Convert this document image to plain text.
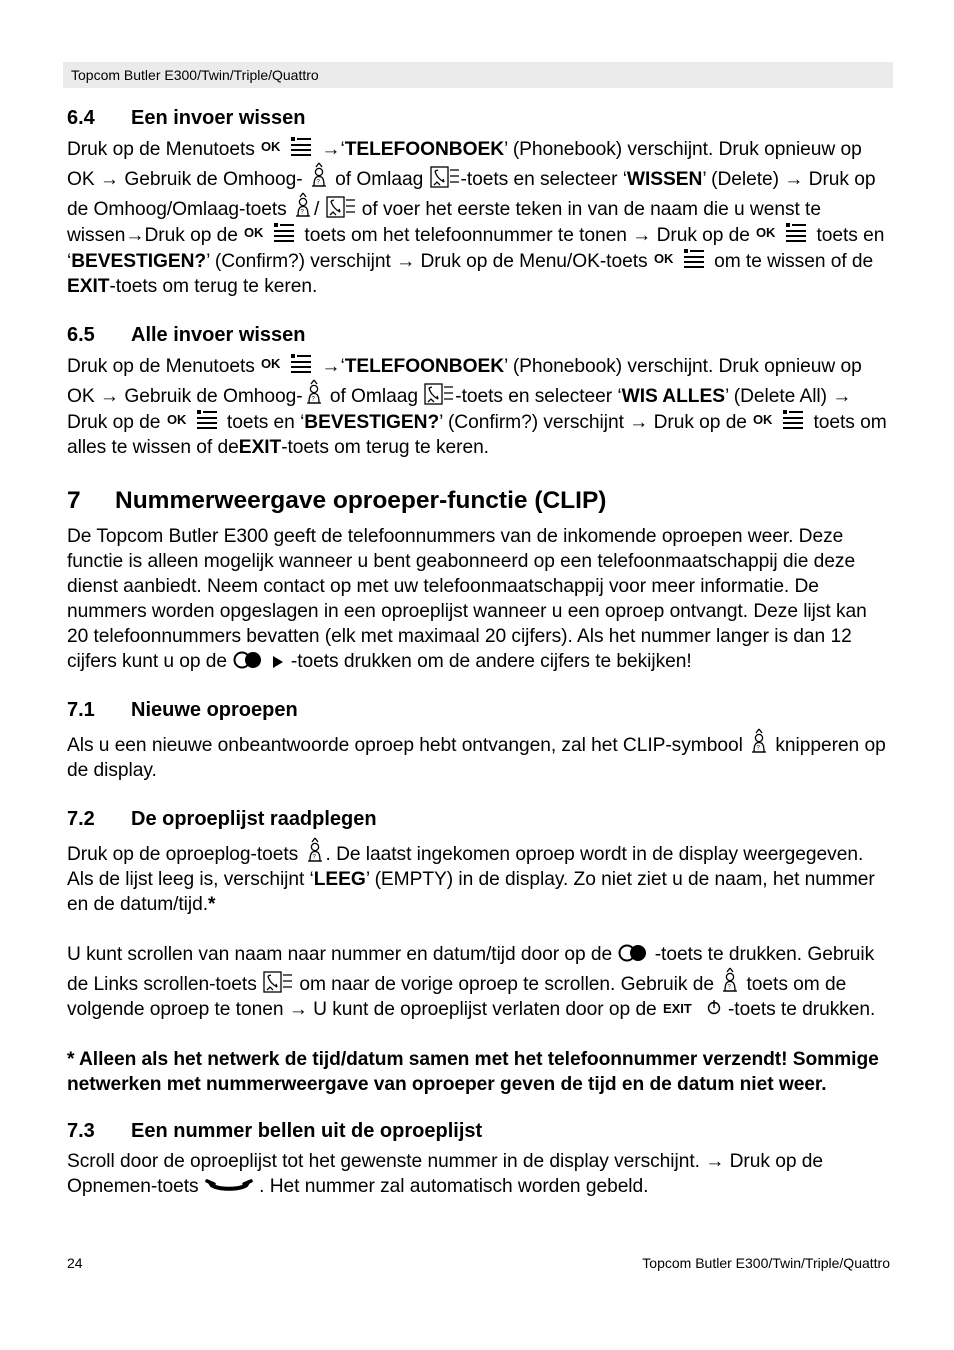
Topcom Butler E300/Twin/Triple/Quattro
6.4 Een invoer wissen

Druk op de Menutoets OK →‘TELEFOONBOEK’ (Phonebook) verschijnt. Druk opnieuw op OK → Gebruik de Omhoog- ? of Omlaag
-toets en selecteer ‘WISSEN’ (Delete) → Druk op de Omhoog/Omlaag-toets ? /
of voer het eerste teken in van de naam die u wenst te wissen→Druk op de OK toets om het telefoonnummer te tonen → Druk op de OK toets en ‘BEVESTIGEN?’ (Confirm?) verschijnt → Druk op de Menu/OK-toets OK om te wissen of de EXIT-toets om terug te keren.

6.5 Alle invoer wissen

Druk op de Menutoets OK →‘TELEFOONBOEK’ (Phonebook) verschijnt. Druk opnieuw op OK → Gebruik de Omhoog- ? of Omlaag
-toets en selecteer ‘WIS ALLES’ (Delete All) → Druk op de OK toets en ‘BEVESTIGEN?’ (Confirm?) verschijnt → Druk op de OK toets om alles te wissen of deEXIT-toets om terug te keren.

7 Nummerweergave oproeper-functie (CLIP)

De Topcom Butler E300 geeft de telefoonnummers van de inkomende oproepen weer. Deze functie is alleen mogelijk wanneer u bent geabonneerd op een telefoonmaatschappij die deze dienst aanbiedt. Neem contact op met uw telefoonmaatschappij voor meer informatie. De nummers worden opgeslagen in een oproeplijst wanneer u een oproep ontvangt. Deze lijst kan 20 telefoonnummers bevatten (elk met maximaal 20 cijfers). Als het nummer langer is dan 12 cijfers kunt u op de
	-toets drukken om de andere cijfers te bekijken!

7.1 Nieuwe oproepen

Als u een nieuwe onbeantwoorde oproep hebt ontvangen, zal het CLIP-symbool ? knipperen op de display.

7.2 De oproeplijst raadplegen

Druk op de oproeplog-toets ? . De laatst ingekomen oproep wordt in de display weergegeven. Als de lijst leeg is, verschijnt ‘LEEG’ (EMPTY) in de display. Zo niet ziet u de naam, het nummer en de datum/tijd.*

U kunt scrollen van naam naar nummer en datum/tijd door op de
-toets te drukken. Gebruik de Links scrollen-toets
om naar de vorige oproep te scrollen. Gebruik de ? toets om de volgende oproep te tonen → U kunt de oproeplijst verlaten door op de EXIT -toets te drukken.

* Alleen als het netwerk de tijd/datum samen met het telefoonnummer verzendt! Sommige netwerken met nummerweergave van oproeper geven de tijd en de datum niet weer.

7.3 Een nummer bellen uit de oproeplijst

Scroll door de oproeplijst tot het gewenste nummer in de display verschijnt. → Druk op de Opnemen-toets	. Het nummer zal automatisch worden gebeld.

24	Topcom Butler E300/Twin/Triple/Quattro
